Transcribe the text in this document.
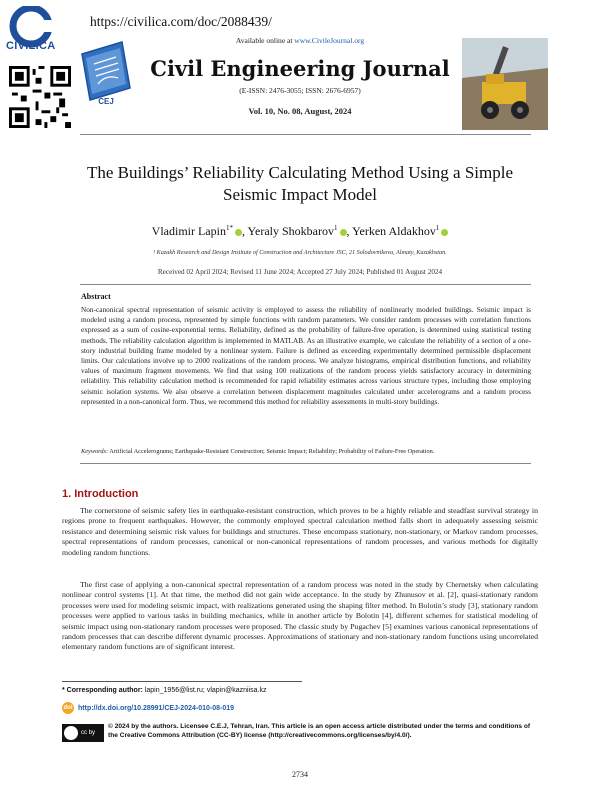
CIVILICA
https://civilica.com/doc/2088439/
CEJ
Available online at www.CivileJournal.org
Civil Engineering Journal
(E-ISSN: 2476-3055; ISSN: 2676-6957)
Vol. 10, No. 08, August, 2024
The Buildings’ Reliability Calculating Method Using a Simple
Seismic Impact Model
Vladimir Lapin$^{1*}$ , Yeraly Shokbarov$^1$ , Yerken Aldakhov$^1$
¹ Kazakh Research and Design Institute of Construction and Architecture JSC, 21 Solodovnikova, Almaty, Kazakhstan.
Received 02 April 2024; Revised 11 June 2024; Accepted 27 July 2024; Published 01 August 2024
Abstract
Non-canonical spectral representation of seismic activity is employed to assess the reliability of nonlinearly modeled buildings. Seismic impact is modeled using a random process, represented by simple functions with random parameters. We consider random processes with correlation functions expressed as a sum of cosine-exponential terms. Reliability, defined as the probability of failure-free operation, is determined using statistical testing methods. The reliability calculation algorithm is implemented in MATLAB. As an illustrative example, we calculate the reliability of a section of a one-story industrial building frame modeled by a nonlinear system. Failure is defined as exceeding experimentally determined permissible displacement limits. Our calculations involve up to 2000 realizations of the random process. We analyze histograms, empirical distribution functions, and reliability values of maximum fragment movements. We find that using 100 realizations of the random process yields satisfactory accuracy in determining reliability. This reliability calculation method is recommended for rapid reliability estimates across various structure types, including those employing seismic isolation systems. We also observe a correlation between displacement magnitudes calculated under accelerograms and a random process represented in a non-canonical form. Thus, we recommend this method for reliability assessments in multi-story buildings.
Keywords: Artificial Accelerograms; Earthquake-Resistant Construction; Seismic Impact; Reliability; Probability of Failure-Free Operation.
1. Introduction
The cornerstone of seismic safety lies in earthquake-resistant construction, which proves to be a highly reliable and steadfast survival strategy in regions prone to frequent earthquakes. However, the commonly employed spectral calculation method falls short in adequately assessing seismic resistance and determining seismic risk values for buildings and structures. These encompass stationary, non-stationary, or Markov random processes, spectral representations of random processes, canonical or non-canonical representations of random processes, and various methods for digitally modeling random functions.
The first case of applying a non-canonical spectral representation of a random process was noted in the study by Chernetsky when calculating nonlinear control systems [1]. At that time, the method did not gain wide acceptance. In the study by Zhunusov et al. [2], quasi-stationary random processes were used for modeling seismic impact, with realizations generated using the shaping filter method. In Bolotin’s study [3], stationary random processes were applied to various tasks in building mechanics, while in another article by Bolotin [4], different schemes for statistical modeling of seismic impact using non-stationary random processes were proposed. The classic study by Pugachev [5] examines various canonical representations of random processes that can describe different dynamic processes. Approximations of stationary and non-stationary random functions using uncorrelated elementary random functions are of significant interest.
* Corresponding author: lapin_1956@list.ru; vlapin@kazniisa.kz
doi http://dx.doi.org/10.28991/CEJ-2024-010-08-019
cc by
© 2024 by the authors. Licensee C.E.J, Tehran, Iran. This article is an open access article distributed under the terms and conditions of the Creative Commons Attribution (CC-BY) license (http://creativecommons.org/licenses/by/4.0/).
2734
